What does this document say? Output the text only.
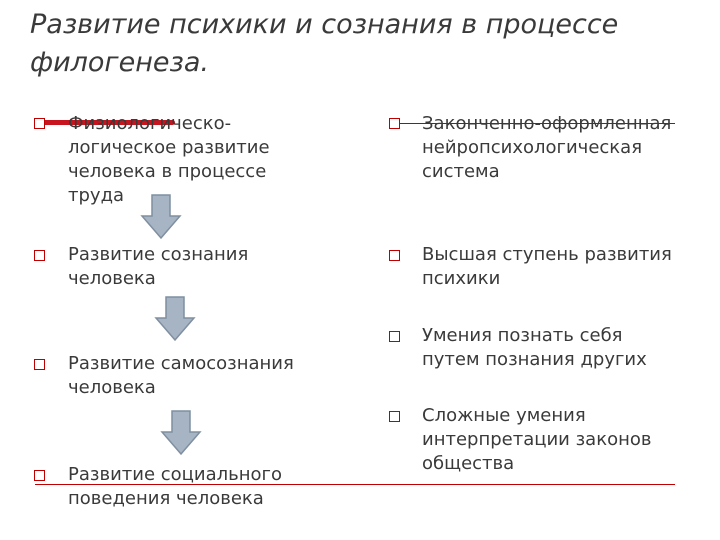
Развитие психики и сознания в процессе филогенеза.
Физиологическо-логическое развитие человека в процессе труда
Развитие сознания человека
Развитие самосознания человека
Развитие социального поведения человека
Законченно-оформленная нейропсихологическая система
Высшая ступень развития психики
Умения познать себя путем познания других
Сложные умения интерпретации законов общества
